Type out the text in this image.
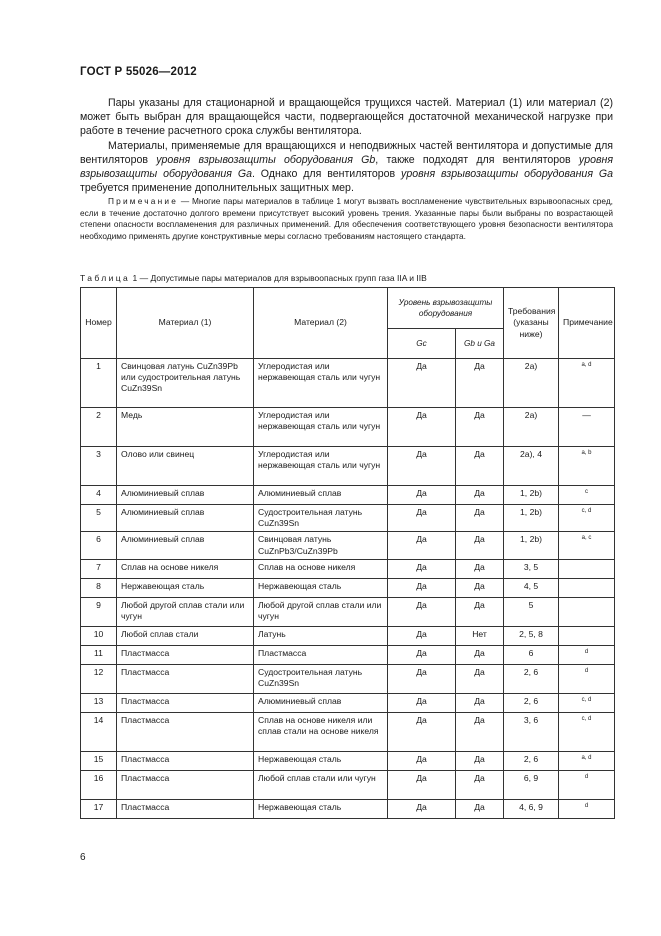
ГОСТ Р 55026—2012

Пары указаны для стационарной и вращающейся трущихся частей. Материал (1) или материал (2) может быть выбран для вращающейся части, подвергающейся достаточной механической нагрузке при работе в течение расчетного срока службы вентилятора.

Материалы, применяемые для вращающихся и неподвижных частей вентилятора и допустимые для вентиляторов уровня взрывозащиты оборудования Gb, также подходят для вентиляторов уровня взрывозащиты оборудования Ga. Однако для вентиляторов уровня взрывозащиты оборудования Ga требуется применение дополнительных защитных мер.

Примечание — Многие пары материалов в таблице 1 могут вызвать воспламенение чувствительных взрывоопасных сред, если в течение достаточно долгого времени присутствует высокий уровень трения. Указанные пары были выбраны по возрастающей степени опасности воспламенения для различных применений. Для обеспечения соответствующего уровня безопасности вентилятора необходимо применять другие конструктивные меры согласно требованиям настоящего стандарта.

Таблица 1 — Допустимые пары материалов для взрывоопасных групп газа IIA и IIB
Номер	Материал (1)	Материал (2)	Уровень взрывозащиты оборудования		Требования (указаны ниже)	Примечание
			Gc	Gb и Ga		
1	Свинцовая латунь CuZn39Pb или судостроительная латунь CuZn39Sn	Углеродистая или нержавеющая сталь или чугун	Да	Да	2a)	a, d
2	Медь	Углеродистая или нержавеющая сталь или чугун	Да	Да	2a)	—
3	Олово или свинец	Углеродистая или нержавеющая сталь или чугун	Да	Да	2a), 4	a, b
4	Алюминиевый сплав	Алюминиевый сплав	Да	Да	1, 2b)	c
5	Алюминиевый сплав	Судостроительная латунь CuZn39Sn	Да	Да	1, 2b)	c, d
6	Алюминиевый сплав	Свинцовая латунь CuZnPb3/CuZn39Pb	Да	Да	1, 2b)	a, c
7	Сплав на основе никеля	Сплав на основе никеля	Да	Да	3, 5	
8	Нержавеющая сталь	Нержавеющая сталь	Да	Да	4, 5	
9	Любой другой сплав стали или чугун	Любой другой сплав стали или чугун	Да	Да	5	
10	Любой сплав стали	Латунь	Да	Нет	2, 5, 8	
11	Пластмасса	Пластмасса	Да	Да	6	d
12	Пластмасса	Судостроительная латунь CuZn39Sn	Да	Да	2, 6	d
13	Пластмасса	Алюминиевый сплав	Да	Да	2, 6	c, d
14	Пластмасса	Сплав на основе никеля или сплав стали на основе никеля	Да	Да	3, 6	c, d
15	Пластмасса	Нержавеющая сталь	Да	Да	2, 6	a, d
16	Пластмасса	Любой сплав стали или чугун	Да	Да	6, 9	d
17	Пластмасса	Нержавеющая сталь	Да	Да	4, 6, 9	d
6
